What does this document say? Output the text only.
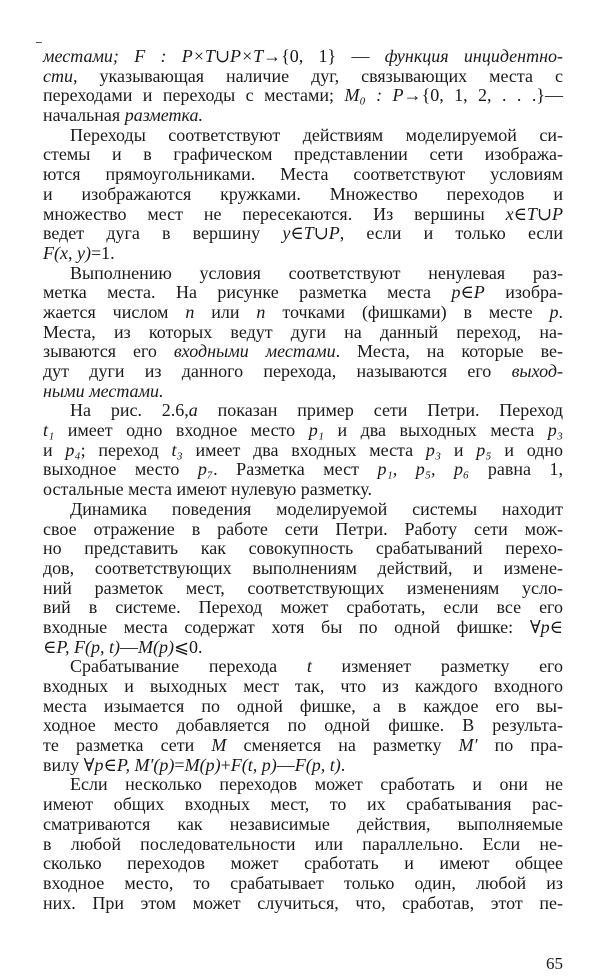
местами; F : P×T∪P×T→{0, 1} — функция инцидентно-
сти, указывающая наличие дуг, связывающих места с
переходами и переходы с местами; M₀ : P→{0, 1, 2, . . .}—
начальная разметка.
Переходы соответствуют действиям моделируемой си-
стемы и в графическом представлении сети изобража-
ются прямоугольниками. Места соответствуют условиям
и изображаются кружками. Множество переходов и
множество мест не пересекаются. Из вершины x∈T∪P
ведет дуга в вершину y∈T∪P, если и только если
F(x, y)=1.
Выполнению условия соответствуют ненулевая раз-
метка места. На рисунке разметка места p∈P изобра-
жается числом n или n точками (фишками) в месте p.
Места, из которых ведут дуги на данный переход, на-
зываются его входными местами. Места, на которые ве-
дут дуги из данного перехода, называются его выход-
ными местами.
На рис. 2.6,а показан пример сети Петри. Переход
t₁ имеет одно входное место p₁ и два выходных места p₃
и p₄; переход t₃ имеет два входных места p₃ и p₅ и одно
выходное место p₇. Разметка мест p₁, p₅, p₆ равна 1,
остальные места имеют нулевую разметку.
Динамика поведения моделируемой системы находит
свое отражение в работе сети Петри. Работу сети мож-
но представить как совокупность срабатываний перехо-
дов, соответствующих выполнениям действий, и измене-
ний разметок мест, соответствующих изменениям усло-
вий в системе. Переход может сработать, если все его
входные места содержат хотя бы по одной фишке: ∀p∈
∈P, F(p, t)—M(p)⩽0.
Срабатывание перехода t изменяет разметку его
входных и выходных мест так, что из каждого входного
места изымается по одной фишке, а в каждое его вы-
ходное место добавляется по одной фишке. В результа-
те разметка сети M сменяется на разметку M′ по пра-
вилу ∀p∈P, M′(p)=M(p)+F(t, p)—F(p, t).
Если несколько переходов может сработать и они не
имеют общих входных мест, то их срабатывания рас-
сматриваются как независимые действия, выполняемые
в любой последовательности или параллельно. Если не-
сколько переходов может сработать и имеют общее
входное место, то срабатывает только один, любой из
них. При этом может случиться, что, сработав, этот пе-
65
